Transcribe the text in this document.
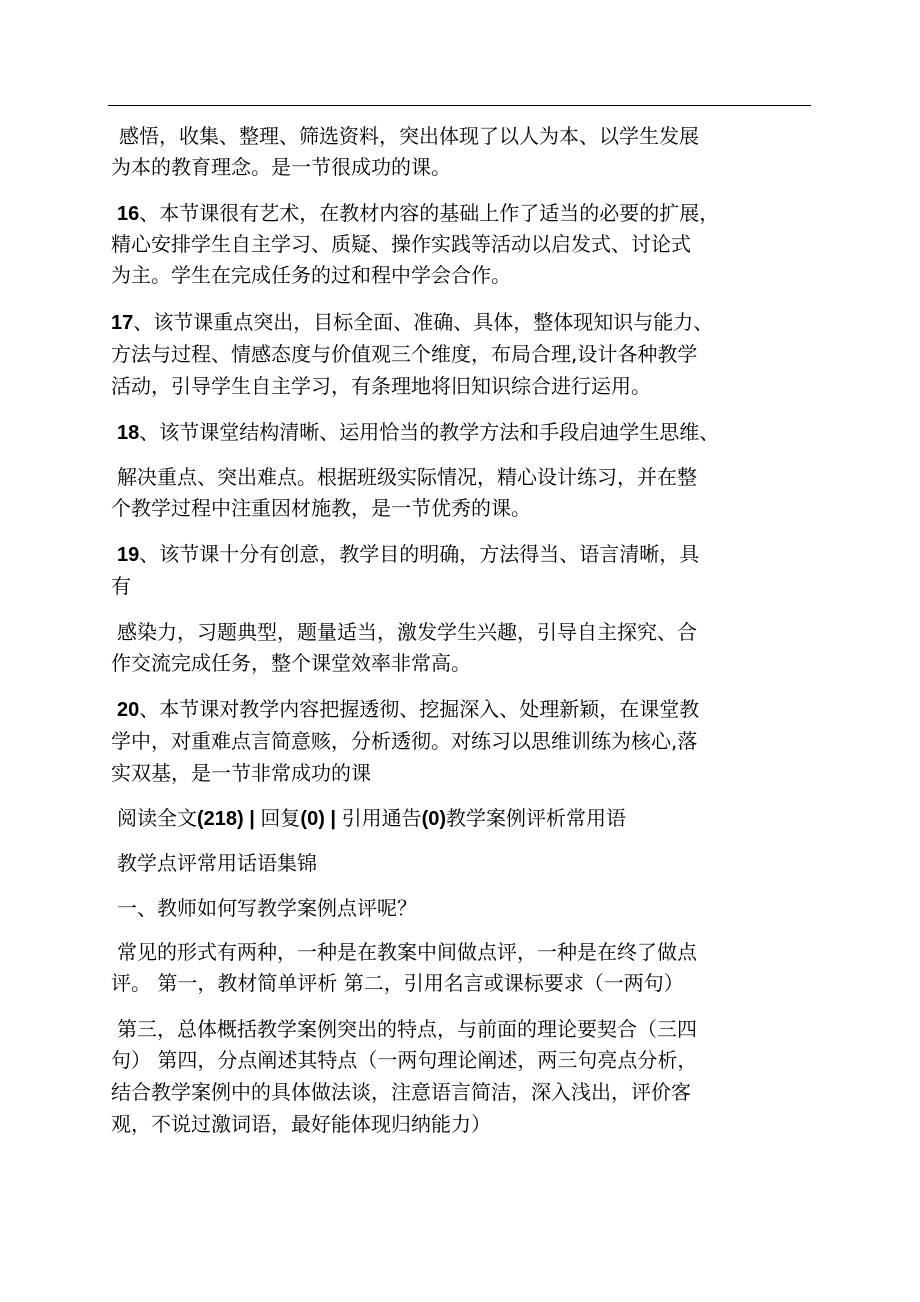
感悟，收集、整理、筛选资料，突出体现了以人为本、以学生发展
为本的教育理念。是一节很成功的课。
16、本节课很有艺术，在教材内容的基础上作了适当的必要的扩展，
精心安排学生自主学习、质疑、操作实践等活动以启发式、讨论式
为主。学生在完成任务的过和程中学会合作。
17、该节课重点突出，目标全面、准确、具体，整体现知识与能力、
方法与过程、情感态度与价值观三个维度，布局合理,设计各种教学
活动，引导学生自主学习，有条理地将旧知识综合进行运用。
18、该节课堂结构清晰、运用恰当的教学方法和手段启迪学生思维、
解决重点、突出难点。根据班级实际情况，精心设计练习，并在整
个教学过程中注重因材施教，是一节优秀的课。
19、该节课十分有创意，教学目的明确，方法得当、语言清晰，具
有
感染力，习题典型，题量适当，激发学生兴趣，引导自主探究、合
作交流完成任务，整个课堂效率非常高。
20、本节课对教学内容把握透彻、挖掘深入、处理新颖，在课堂教
学中，对重难点言简意赅，分析透彻。对练习以思维训练为核心,落
实双基，是一节非常成功的课
阅读全文(218) | 回复(0) | 引用通告(0)教学案例评析常用语
教学点评常用话语集锦
一、教师如何写教学案例点评呢？
常见的形式有两种，一种是在教案中间做点评，一种是在终了做点
评。 第一，教材简单评析 第二，引用名言或课标要求（一两句）
第三，总体概括教学案例突出的特点，与前面的理论要契合（三四
句） 第四，分点阐述其特点（一两句理论阐述，两三句亮点分析，
结合教学案例中的具体做法谈，注意语言简洁，深入浅出，评价客
观，不说过激词语，最好能体现归纳能力）
